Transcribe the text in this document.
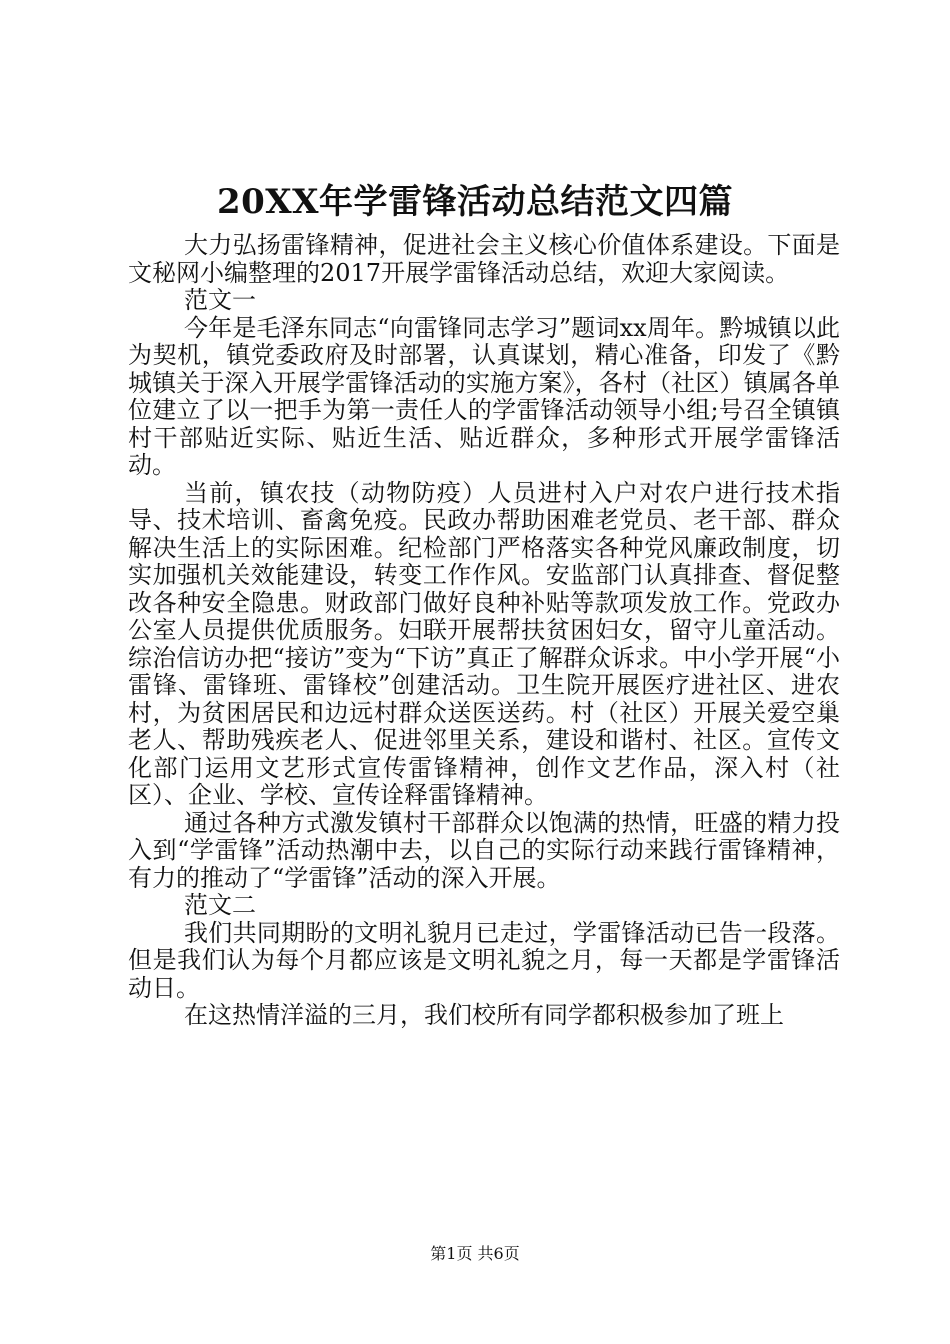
20XX年学雷锋活动总结范文四篇

大力弘扬雷锋精神，促进社会主义核心价值体系建设。下面是文秘网小编整理的2017开展学雷锋活动总结，欢迎大家阅读。

范文一

今年是毛泽东同志“向雷锋同志学习”题词xx周年。黔城镇以此为契机，镇党委政府及时部署，认真谋划，精心准备，印发了《黔城镇关于深入开展学雷锋活动的实施方案》，各村（社区）镇属各单位建立了以一把手为第一责任人的学雷锋活动领导小组;号召全镇镇村干部贴近实际、贴近生活、贴近群众，多种形式开展学雷锋活动。

当前，镇农技（动物防疫）人员进村入户对农户进行技术指导、技术培训、畜禽免疫。民政办帮助困难老党员、老干部、群众解决生活上的实际困难。纪检部门严格落实各种党风廉政制度，切实加强机关效能建设，转变工作作风。安监部门认真排查、督促整改各种安全隐患。财政部门做好良种补贴等款项发放工作。党政办公室人员提供优质服务。妇联开展帮扶贫困妇女，留守儿童活动。综治信访办把“接访”变为“下访”真正了解群众诉求。中小学开展“小雷锋、雷锋班、雷锋校”创建活动。卫生院开展医疗进社区、进农村，为贫困居民和边远村群众送医送药。村（社区）开展关爱空巢老人、帮助残疾老人、促进邻里关系，建设和谐村、社区。宣传文化部门运用文艺形式宣传雷锋精神，创作文艺作品，深入村（社区）、企业、学校、宣传诠释雷锋精神。

通过各种方式激发镇村干部群众以饱满的热情，旺盛的精力投入到“学雷锋”活动热潮中去，以自己的实际行动来践行雷锋精神，有力的推动了“学雷锋”活动的深入开展。

范文二

我们共同期盼的文明礼貌月已走过，学雷锋活动已告一段落。但是我们认为每个月都应该是文明礼貌之月，每一天都是学雷锋活动日。

在这热情洋溢的三月，我们校所有同学都积极参加了班上

第1页 共6页
